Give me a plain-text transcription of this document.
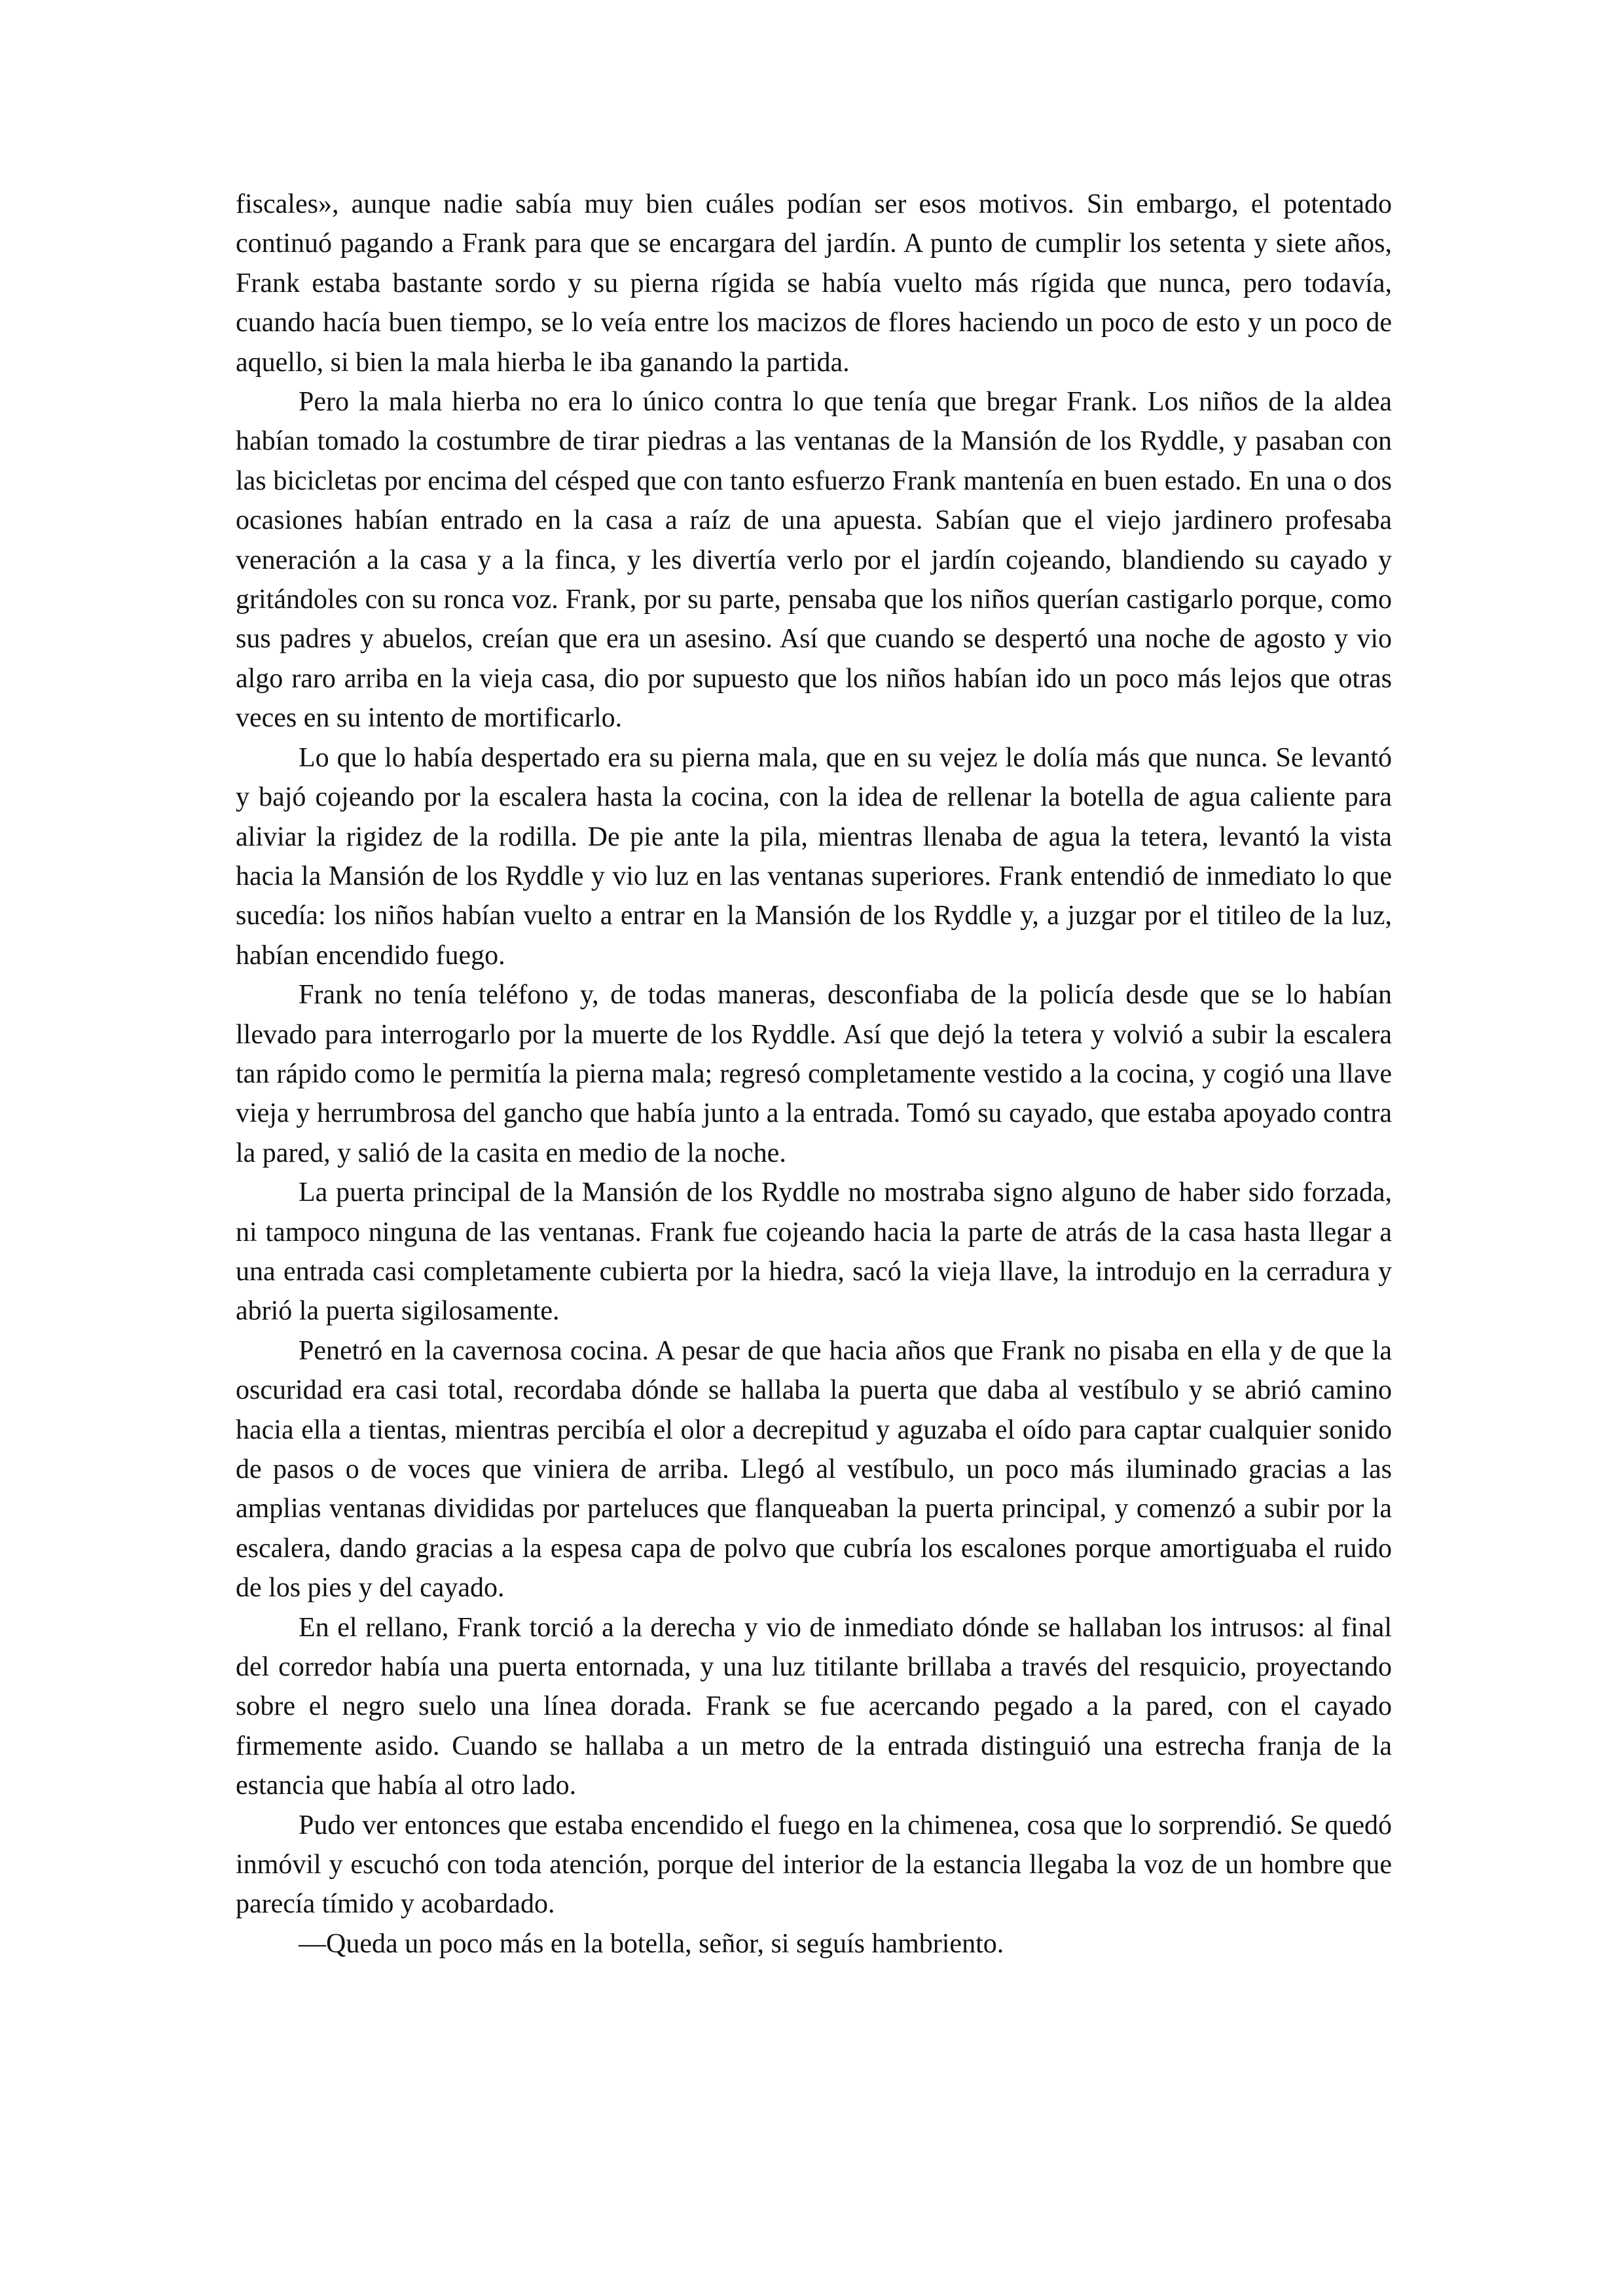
fiscales», aunque nadie sabía muy bien cuáles podían ser esos motivos. Sin embargo, el potentado continuó pagando a Frank para que se encargara del jardín. A punto de cumplir los setenta y siete años, Frank estaba bastante sordo y su pierna rígida se había vuelto más rígida que nunca, pero todavía, cuando hacía buen tiempo, se lo veía entre los macizos de flores haciendo un poco de esto y un poco de aquello, si bien la mala hierba le iba ganando la partida.

Pero la mala hierba no era lo único contra lo que tenía que bregar Frank. Los niños de la aldea habían tomado la costumbre de tirar piedras a las ventanas de la Mansión de los Ryddle, y pasaban con las bicicletas por encima del césped que con tanto esfuerzo Frank mantenía en buen estado. En una o dos ocasiones habían entrado en la casa a raíz de una apuesta. Sabían que el viejo jardinero profesaba veneración a la casa y a la finca, y les divertía verlo por el jardín cojeando, blandiendo su cayado y gritándoles con su ronca voz. Frank, por su parte, pensaba que los niños querían castigarlo porque, como sus padres y abuelos, creían que era un asesino. Así que cuando se despertó una noche de agosto y vio algo raro arriba en la vieja casa, dio por supuesto que los niños habían ido un poco más lejos que otras veces en su intento de mortificarlo.

Lo que lo había despertado era su pierna mala, que en su vejez le dolía más que nunca. Se levantó y bajó cojeando por la escalera hasta la cocina, con la idea de rellenar la botella de agua caliente para aliviar la rigidez de la rodilla. De pie ante la pila, mientras llenaba de agua la tetera, levantó la vista hacia la Mansión de los Ryddle y vio luz en las ventanas superiores. Frank entendió de inmediato lo que sucedía: los niños habían vuelto a entrar en la Mansión de los Ryddle y, a juzgar por el titileo de la luz, habían encendido fuego.

Frank no tenía teléfono y, de todas maneras, desconfiaba de la policía desde que se lo habían llevado para interrogarlo por la muerte de los Ryddle. Así que dejó la tetera y volvió a subir la escalera tan rápido como le permitía la pierna mala; regresó completamente vestido a la cocina, y cogió una llave vieja y herrumbrosa del gancho que había junto a la entrada. Tomó su cayado, que estaba apoyado contra la pared, y salió de la casita en medio de la noche.

La puerta principal de la Mansión de los Ryddle no mostraba signo alguno de haber sido forzada, ni tampoco ninguna de las ventanas. Frank fue cojeando hacia la parte de atrás de la casa hasta llegar a una entrada casi completamente cubierta por la hiedra, sacó la vieja llave, la introdujo en la cerradura y abrió la puerta sigilosamente.

Penetró en la cavernosa cocina. A pesar de que hacia años que Frank no pisaba en ella y de que la oscuridad era casi total, recordaba dónde se hallaba la puerta que daba al vestíbulo y se abrió camino hacia ella a tientas, mientras percibía el olor a decrepitud y aguzaba el oído para captar cualquier sonido de pasos o de voces que viniera de arriba. Llegó al vestíbulo, un poco más iluminado gracias a las amplias ventanas divididas por parteluces que flanqueaban la puerta principal, y comenzó a subir por la escalera, dando gracias a la espesa capa de polvo que cubría los escalones porque amortiguaba el ruido de los pies y del cayado.

En el rellano, Frank torció a la derecha y vio de inmediato dónde se hallaban los intrusos: al final del corredor había una puerta entornada, y una luz titilante brillaba a través del resquicio, proyectando sobre el negro suelo una línea dorada. Frank se fue acercando pegado a la pared, con el cayado firmemente asido. Cuando se hallaba a un metro de la entrada distinguió una estrecha franja de la estancia que había al otro lado.

Pudo ver entonces que estaba encendido el fuego en la chimenea, cosa que lo sorprendió. Se quedó inmóvil y escuchó con toda atención, porque del interior de la estancia llegaba la voz de un hombre que parecía tímido y acobardado.

—Queda un poco más en la botella, señor, si seguís hambriento.
